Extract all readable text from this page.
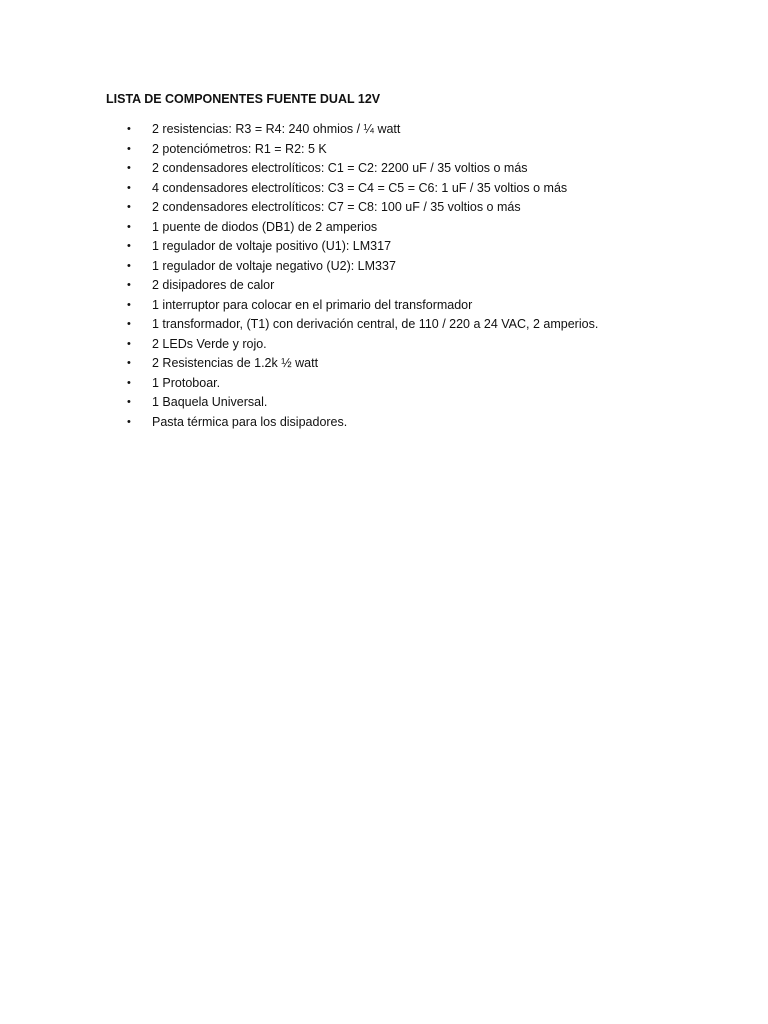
LISTA DE COMPONENTES FUENTE DUAL 12V
• 2 resistencias: R3 = R4: 240 ohmios / ¼ watt
• 2 potenciómetros: R1 = R2: 5 K
• 2 condensadores electrolíticos: C1 = C2: 2200 uF / 35 voltios o más
• 4 condensadores electrolíticos: C3 = C4 = C5 = C6: 1 uF / 35 voltios o más
• 2 condensadores electrolíticos: C7 = C8: 100 uF / 35 voltios o más
• 1 puente de diodos (DB1) de 2 amperios
• 1 regulador de voltaje positivo (U1): LM317
• 1 regulador de voltaje negativo (U2): LM337
• 2 disipadores de calor
• 1 interruptor para colocar en el primario del transformador
• 1 transformador, (T1) con derivación central, de 110 / 220 a 24 VAC, 2 amperios.
• 2 LEDs Verde y rojo.
• 2 Resistencias de 1.2k ½ watt
• 1 Protoboar.
• 1 Baquela Universal.
• Pasta térmica para los disipadores.
